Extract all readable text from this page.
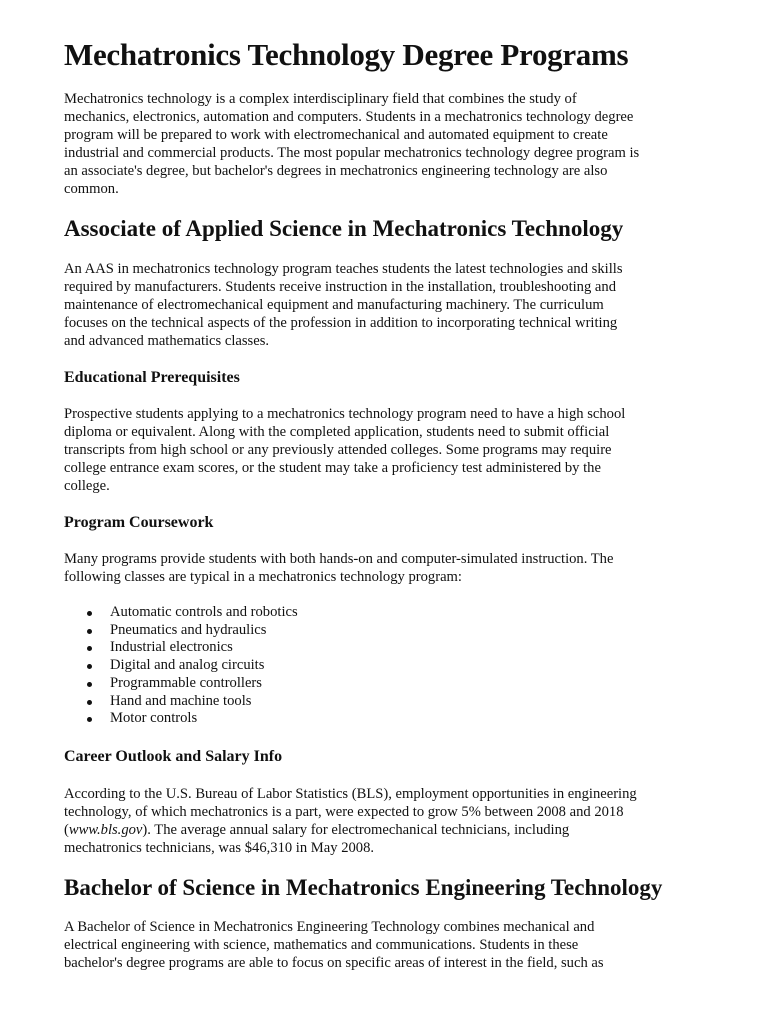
Mechatronics Technology Degree Programs

Mechatronics technology is a complex interdisciplinary field that combines the study of
mechanics, electronics, automation and computers. Students in a mechatronics technology degree
program will be prepared to work with electromechanical and automated equipment to create
industrial and commercial products. The most popular mechatronics technology degree program is
an associate's degree, but bachelor's degrees in mechatronics engineering technology are also
common.

Associate of Applied Science in Mechatronics Technology

An AAS in mechatronics technology program teaches students the latest technologies and skills
required by manufacturers. Students receive instruction in the installation, troubleshooting and
maintenance of electromechanical equipment and manufacturing machinery. The curriculum
focuses on the technical aspects of the profession in addition to incorporating technical writing
and advanced mathematics classes.

Educational Prerequisites

Prospective students applying to a mechatronics technology program need to have a high school
diploma or equivalent. Along with the completed application, students need to submit official
transcripts from high school or any previously attended colleges. Some programs may require
college entrance exam scores, or the student may take a proficiency test administered by the
college.

Program Coursework

Many programs provide students with both hands-on and computer-simulated instruction. The
following classes are typical in a mechatronics technology program:

Automatic controls and robotics
Pneumatics and hydraulics
Industrial electronics
Digital and analog circuits
Programmable controllers
Hand and machine tools
Motor controls
Career Outlook and Salary Info

According to the U.S. Bureau of Labor Statistics (BLS), employment opportunities in engineering
technology, of which mechatronics is a part, were expected to grow 5% between 2008 and 2018
(www.bls.gov). The average annual salary for electromechanical technicians, including
mechatronics technicians, was $46,310 in May 2008.

Bachelor of Science in Mechatronics Engineering Technology

A Bachelor of Science in Mechatronics Engineering Technology combines mechanical and
electrical engineering with science, mathematics and communications. Students in these
bachelor's degree programs are able to focus on specific areas of interest in the field, such as
